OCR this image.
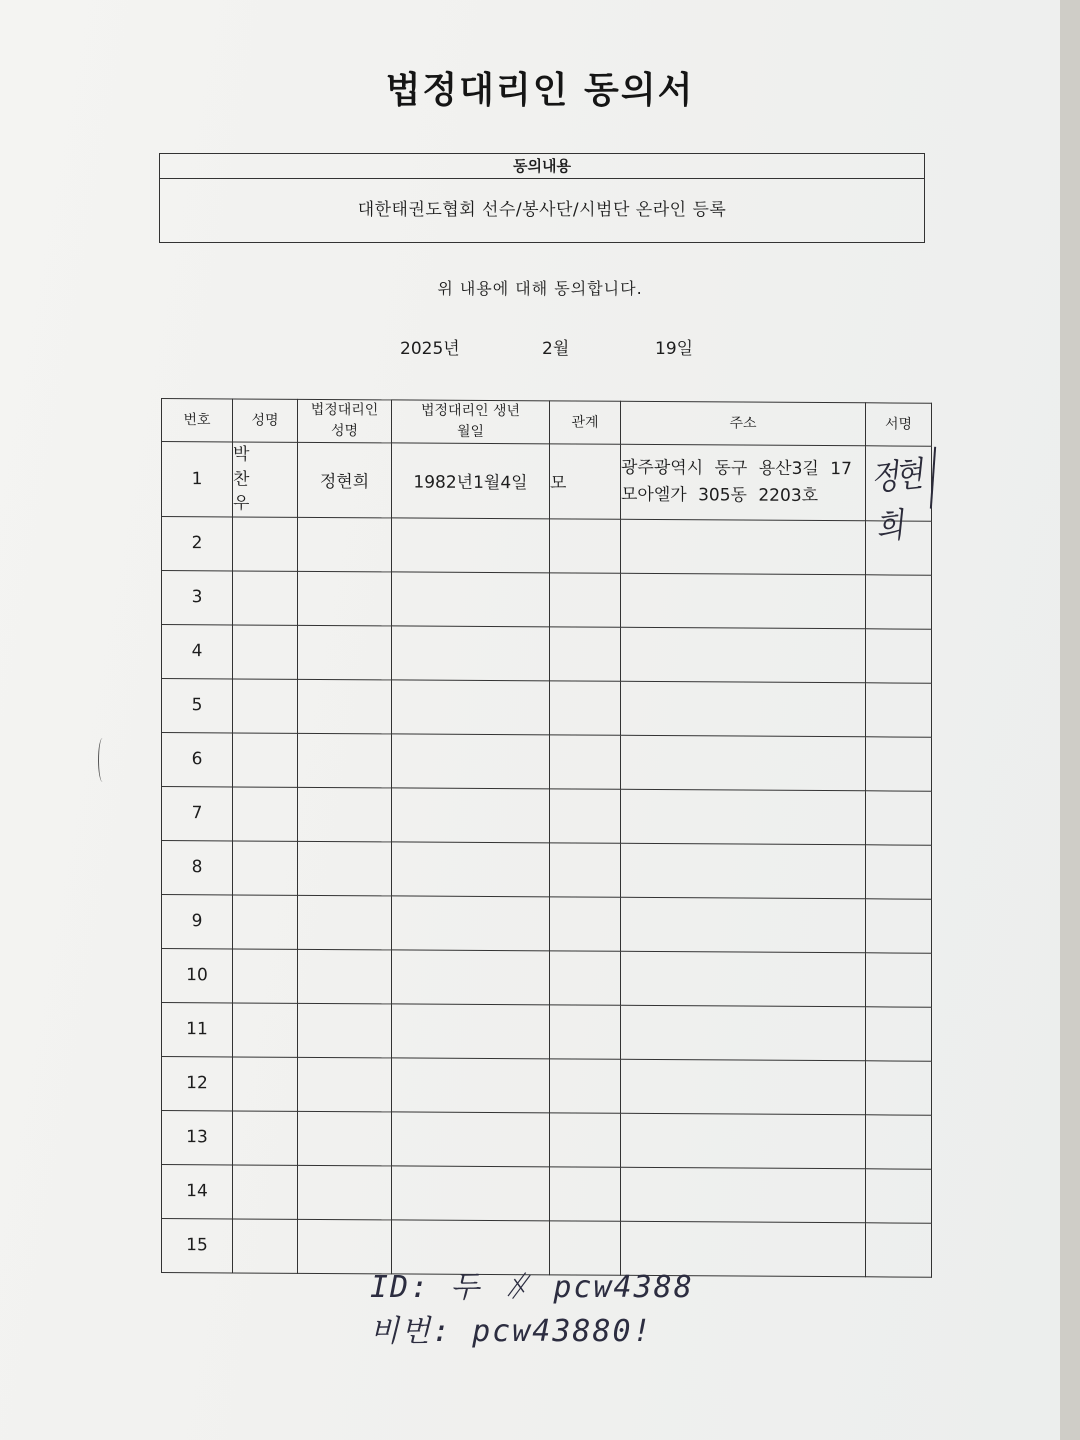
법정대리인 동의서
동의내용
대한태권도협회 선수/봉사단/시범단 온라인 등록
위 내용에 대해 동의합니다.
2025년	2월	19일
번호	성명	법정대리인 성명	법정대리인 생년월일	관계	주소	서명
1	박 찬 우	정현희	1982년1월4일	모	광주광역시 동구 용산3길 17 모아엘가 305동 2203호	정현희

2						
3						
4						
5						
6						
7						
8						
9						
10						
11						
12						
13						
14						
15						
ID: 두 ∦ pcw4388
비번: pcw43880!
